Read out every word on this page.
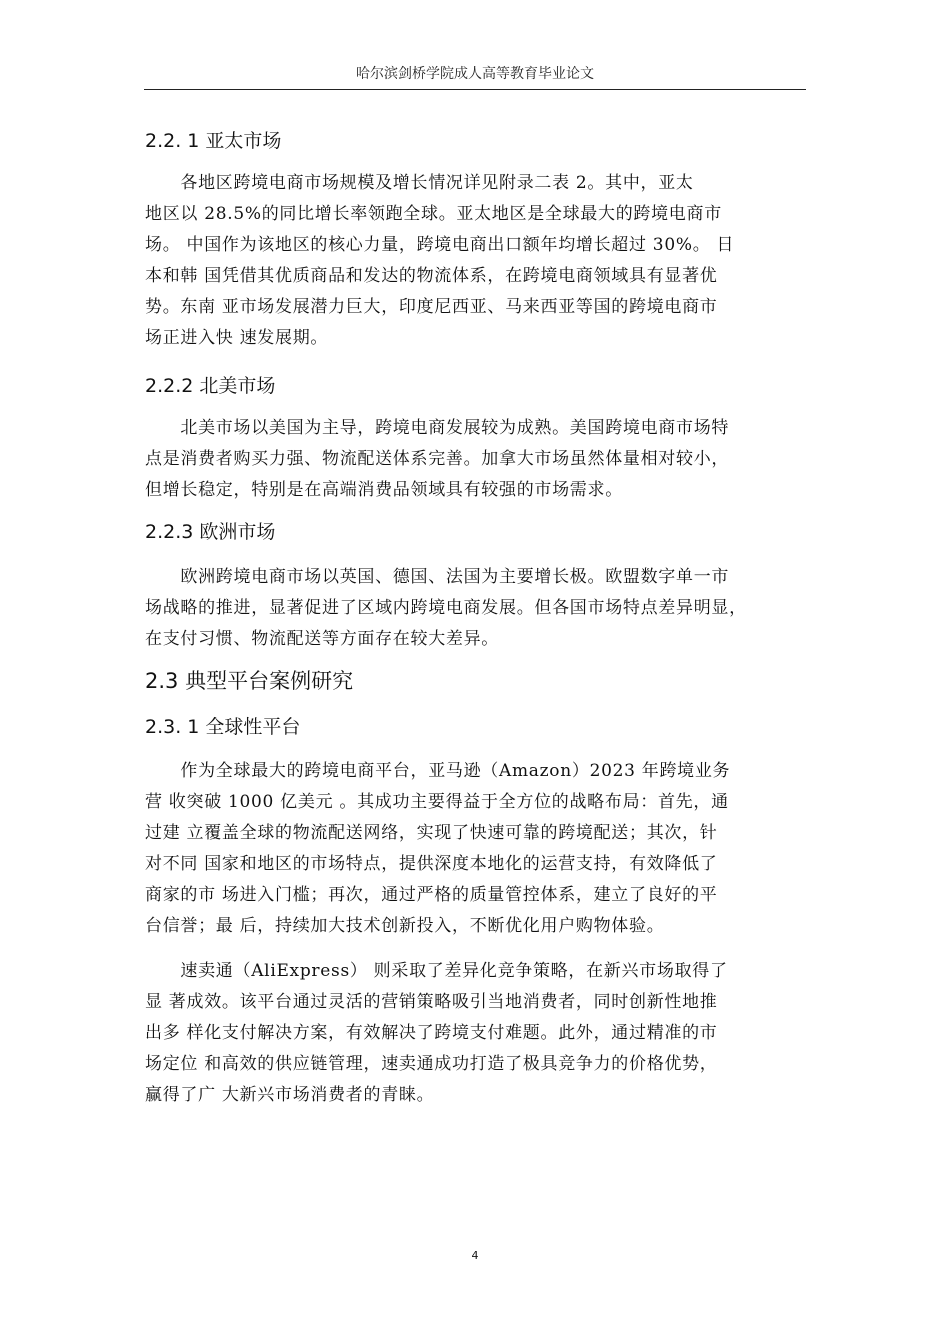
哈尔滨剑桥学院成人高等教育毕业论文
2.2. 1 亚太市场
　　各地区跨境电商市场规模及增长情况详见附录二表 2。其中，亚太
地区以 28.5%的同比增长率领跑全球。亚太地区是全球最大的跨境电商市
场。 中国作为该地区的核心力量，跨境电商出口额年均增长超过 30%。 日
本和韩 国凭借其优质商品和发达的物流体系，在跨境电商领域具有显著优
势。东南 亚市场发展潜力巨大，印度尼西亚、马来西亚等国的跨境电商市
场正进入快 速发展期。
2.2.2 北美市场
　　北美市场以美国为主导，跨境电商发展较为成熟。美国跨境电商市场特
点是消费者购买力强、物流配送体系完善。加拿大市场虽然体量相对较小，
但增长稳定，特别是在高端消费品领域具有较强的市场需求。
2.2.3 欧洲市场
　　欧洲跨境电商市场以英国、德国、法国为主要增长极。欧盟数字单一市
场战略的推进，显著促进了区域内跨境电商发展。但各国市场特点差异明显，
在支付习惯、物流配送等方面存在较大差异。
2.3 典型平台案例研究
2.3. 1 全球性平台
　　作为全球最大的跨境电商平台，亚马逊（Amazon）2023 年跨境业务
营 收突破 1000 亿美元 。其成功主要得益于全方位的战略布局：首先，通
过建 立覆盖全球的物流配送网络，实现了快速可靠的跨境配送；其次，针
对不同 国家和地区的市场特点，提供深度本地化的运营支持，有效降低了
商家的市 场进入门槛；再次，通过严格的质量管控体系，建立了良好的平
台信誉；最 后，持续加大技术创新投入，不断优化用户购物体验。
　　速卖通（AliExpress） 则采取了差异化竞争策略，在新兴市场取得了
显 著成效。该平台通过灵活的营销策略吸引当地消费者，同时创新性地推
出多 样化支付解决方案，有效解决了跨境支付难题。此外，通过精准的市
场定位 和高效的供应链管理，速卖通成功打造了极具竞争力的价格优势，
赢得了广 大新兴市场消费者的青睐。
4
